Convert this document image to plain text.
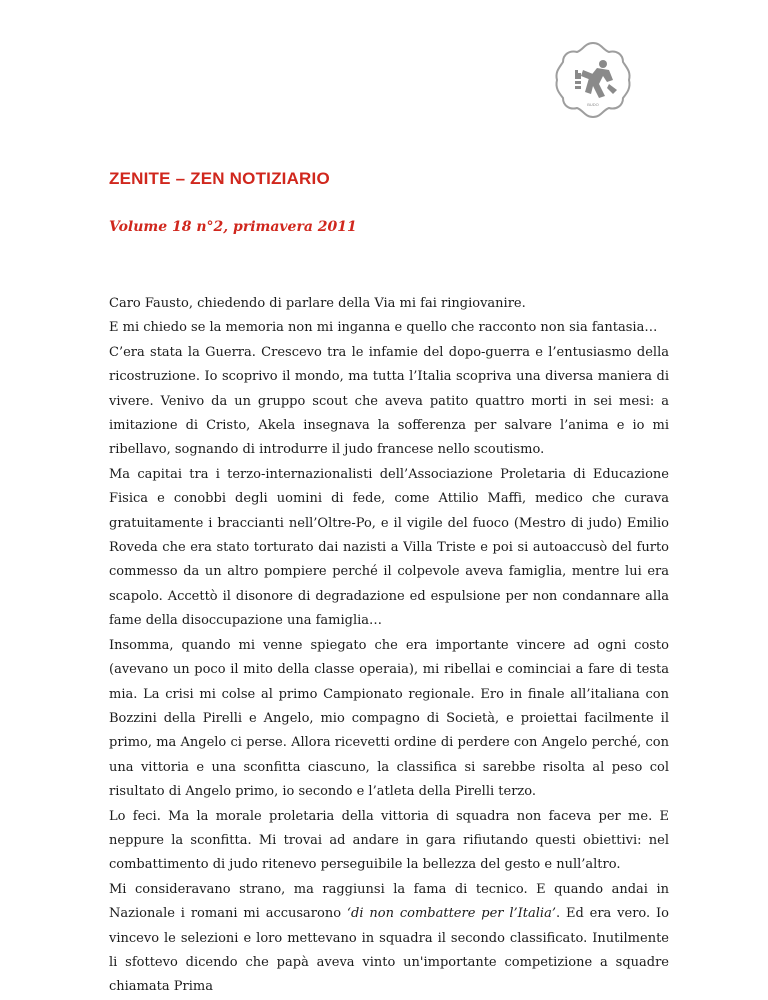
BUDO
ZENITE – ZEN NOTIZIARIO
Volume 18 n°2, primavera 2011

Caro Fausto, chiedendo di parlare della Via mi fai ringiovanire.

E mi chiedo se la memoria non mi inganna e quello che racconto non sia fantasia…

C’era stata la Guerra. Crescevo tra le infamie del dopo-guerra e l’entusiasmo della ricostruzione. Io scoprivo il mondo, ma tutta l’Italia scopriva una diversa maniera di vivere. Venivo da un gruppo scout che aveva patito quattro morti in sei mesi: a imitazione di Cristo, Akela insegnava la sofferenza per salvare l’anima e io mi ribellavo, sognando di introdurre il judo francese nello scoutismo.

Ma capitai tra i terzo-internazionalisti dell’Associazione Proletaria di Educazione Fisica e conobbi degli uomini di fede, come Attilio Maffi, medico che curava gratuitamente i braccianti nell’Oltre-Po, e il vigile del fuoco (Mestro di judo) Emilio Roveda che era stato torturato dai nazisti a Villa Triste e poi si autoaccusò del furto commesso da un altro pompiere perché il colpevole aveva famiglia, mentre lui era scapolo. Accettò il disonore di degradazione ed espulsione per non condannare alla fame della disoccupazione una famiglia…

Insomma, quando mi venne spiegato che era importante vincere ad ogni costo (avevano un poco il mito della classe operaia), mi ribellai e cominciai a fare di testa mia. La crisi mi colse al primo Campionato regionale. Ero in finale all’italiana con Bozzini della Pirelli e Angelo, mio compagno di Società, e proiettai facilmente il primo, ma Angelo ci perse. Allora ricevetti ordine di perdere con Angelo perché, con una vittoria e una sconfitta ciascuno, la classifica si sarebbe risolta al peso col risultato di Angelo primo, io secondo e l’atleta della Pirelli terzo.

Lo feci. Ma la morale proletaria della vittoria di squadra non faceva per me. E neppure la sconfitta. Mi trovai ad andare in gara rifiutando questi obiettivi: nel combattimento di judo ritenevo perseguibile la bellezza del gesto e null’altro.

Mi consideravano strano, ma raggiunsi la fama di tecnico. E quando andai in Nazionale i romani mi accusarono ‘di non combattere per l’Italia’. Ed era vero. Io vincevo le selezioni e loro mettevano in squadra il secondo classificato. Inutilmente li sfottevo dicendo che papà aveva vinto un'importante competizione a squadre chiamata Prima
